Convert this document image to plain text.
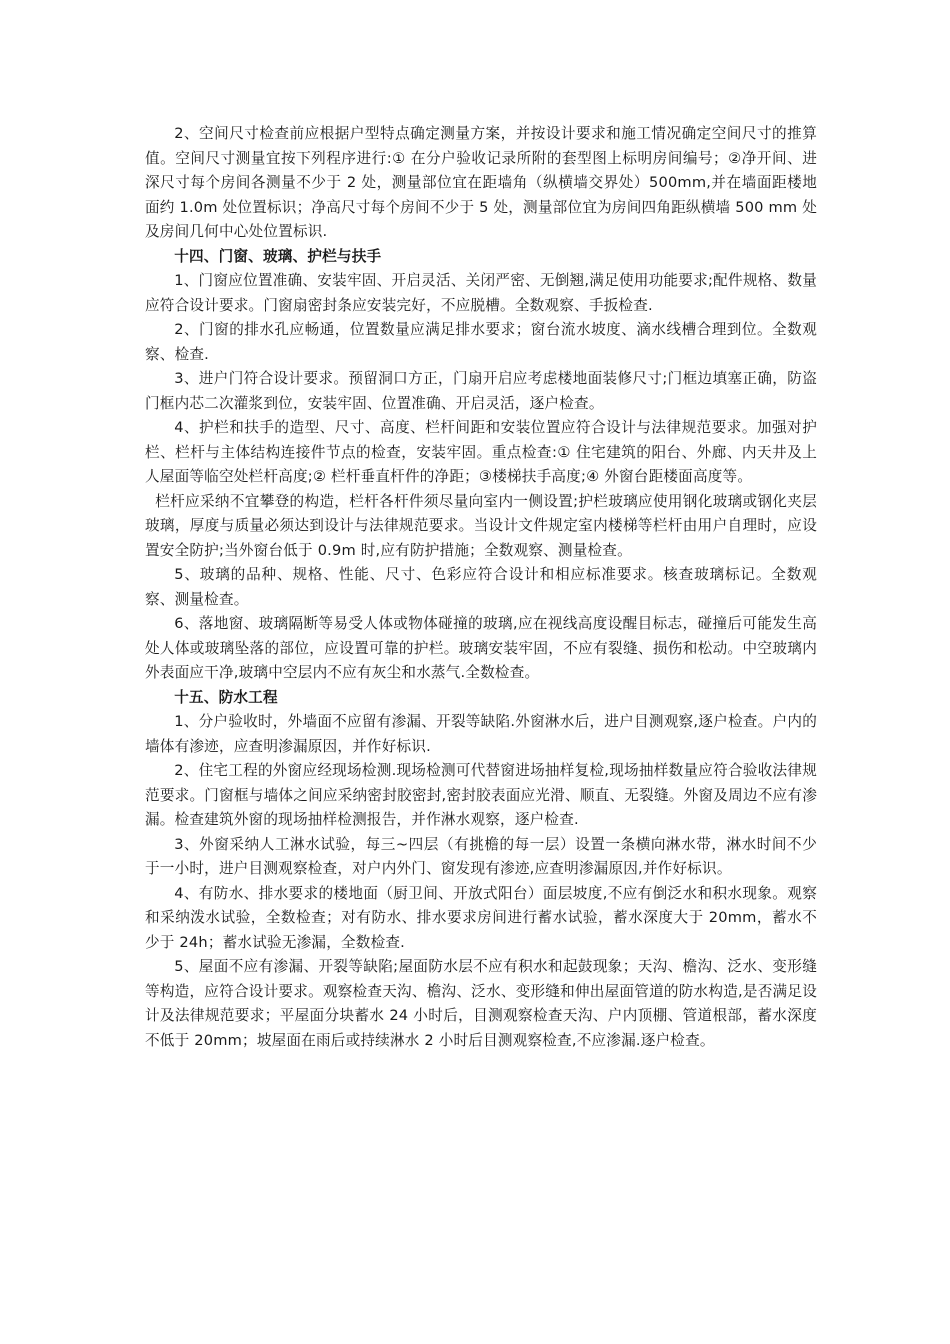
2、空间尺寸检查前应根据户型特点确定测量方案，并按设计要求和施工情况确定空间尺寸的推算值。空间尺寸测量宜按下列程序进行:① 在分户验收记录所附的套型图上标明房间编号；②净开间、进深尺寸每个房间各测量不少于 2 处，测量部位宜在距墙角（纵横墙交界处）500mm,并在墙面距楼地面约 1.0m 处位置标识；净高尺寸每个房间不少于 5 处，测量部位宜为房间四角距纵横墙 500 mm 处及房间几何中心处位置标识.

十四、门窗、玻璃、护栏与扶手

1、门窗应位置准确、安装牢固、开启灵活、关闭严密、无倒翘,满足使用功能要求;配件规格、数量应符合设计要求。门窗扇密封条应安装完好，不应脱槽。全数观察、手扳检查.

2、门窗的排水孔应畅通，位置数量应满足排水要求；窗台流水坡度、滴水线槽合理到位。全数观察、检查.

3、进户门符合设计要求。预留洞口方正，门扇开启应考虑楼地面装修尺寸;门框边填塞正确，防盗门框内芯二次灌浆到位，安装牢固、位置准确、开启灵活，逐户检查。

4、护栏和扶手的造型、尺寸、高度、栏杆间距和安装位置应符合设计与法律规范要求。加强对护栏、栏杆与主体结构连接件节点的检查，安装牢固。重点检查:① 住宅建筑的阳台、外廊、内天井及上人屋面等临空处栏杆高度;② 栏杆垂直杆件的净距；③楼梯扶手高度;④ 外窗台距楼面高度等。

栏杆应采纳不宜攀登的构造，栏杆各杆件须尽量向室内一侧设置;护栏玻璃应使用钢化玻璃或钢化夹层玻璃，厚度与质量必须达到设计与法律规范要求。当设计文件规定室内楼梯等栏杆由用户自理时，应设置安全防护;当外窗台低于 0.9m 时,应有防护措施；全数观察、测量检查。

5、玻璃的品种、规格、性能、尺寸、色彩应符合设计和相应标准要求。核查玻璃标记。全数观察、测量检查。

6、落地窗、玻璃隔断等易受人体或物体碰撞的玻璃,应在视线高度设醒目标志，碰撞后可能发生高处人体或玻璃坠落的部位，应设置可靠的护栏。玻璃安装牢固，不应有裂缝、损伤和松动。中空玻璃内外表面应干净,玻璃中空层内不应有灰尘和水蒸气.全数检查。

十五、防水工程

1、分户验收时，外墙面不应留有渗漏、开裂等缺陷.外窗淋水后，进户目测观察,逐户检查。户内的墙体有渗迹，应查明渗漏原因，并作好标识.

2、住宅工程的外窗应经现场检测.现场检测可代替窗进场抽样复检,现场抽样数量应符合验收法律规范要求。门窗框与墙体之间应采纳密封胶密封,密封胶表面应光滑、顺直、无裂缝。外窗及周边不应有渗漏。检查建筑外窗的现场抽样检测报告，并作淋水观察，逐户检查.

3、外窗采纳人工淋水试验，每三~四层（有挑檐的每一层）设置一条横向淋水带，淋水时间不少于一小时，进户目测观察检查，对户内外门、窗发现有渗迹,应查明渗漏原因,并作好标识。

4、有防水、排水要求的楼地面（厨卫间、开放式阳台）面层坡度,不应有倒泛水和积水现象。观察和采纳泼水试验，全数检查；对有防水、排水要求房间进行蓄水试验，蓄水深度大于 20mm，蓄水不少于 24h；蓄水试验无渗漏，全数检查.

5、屋面不应有渗漏、开裂等缺陷;屋面防水层不应有积水和起鼓现象；天沟、檐沟、泛水、变形缝等构造，应符合设计要求。观察检查天沟、檐沟、泛水、变形缝和伸出屋面管道的防水构造,是否满足设计及法律规范要求；平屋面分块蓄水 24 小时后，目测观察检查天沟、户内顶棚、管道根部，蓄水深度不低于 20mm；坡屋面在雨后或持续淋水 2 小时后目测观察检查,不应渗漏.逐户检查。
